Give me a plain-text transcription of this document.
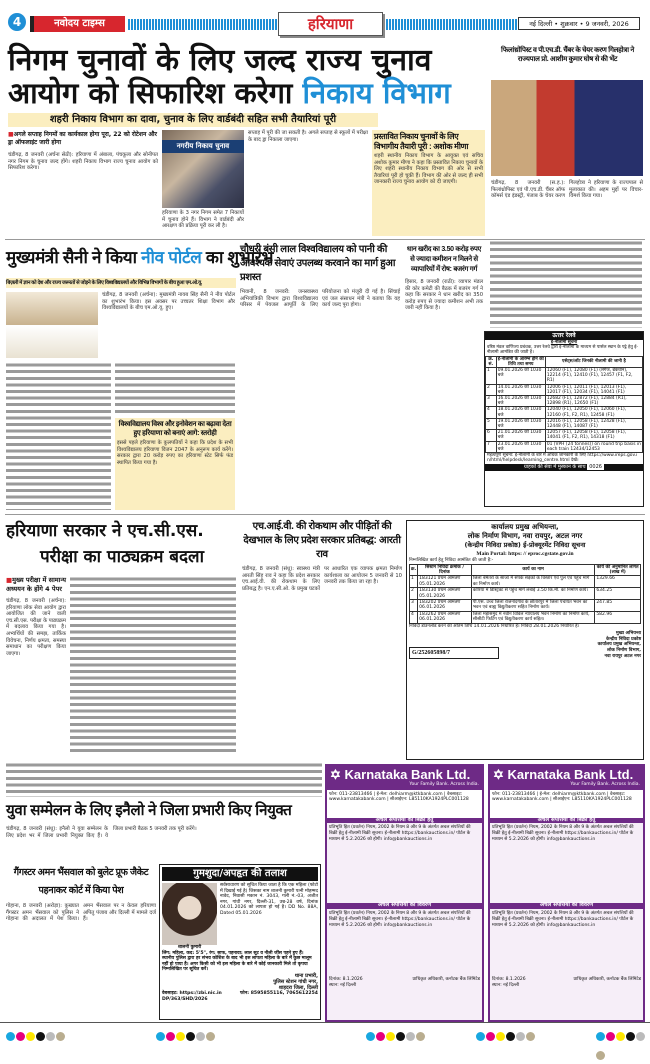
4	नवोदय टाइम्स	हरियाणा	नई दिल्ली • शुक्रवार • 9 जनवरी, 2026
निगम चुनावों के लिए जल्द राज्य चुनाव
आयोग को सिफारिश करेगा निकाय विभाग
शहरी निकाय विभाग का दावा, चुनाव के लिए वार्डबंदी सहित सभी तैयारियां पूरी
■अगले सप्ताह निगमों का कार्यकाल होगा पूरा, 22 को रोटेशन और ड्रा ऑफलाइंट जारी होगा
चंडीगढ़, 8 जनवरी (अर्चना सेठी): हरियाणा में अंबाला, पंचकूला और सोनीपत नगर निगम के चुनाव जल्द होंगे। शहरी निकाय विभाग राज्य चुनाव आयोग को सिफारिश करेगा।
नगरीय निकाय चुनाव
हरियाणा के 3 नगर निगम समेत 7 निकायों में चुनाव होने हैं। विभाग ने वार्डबंदी और आरक्षण की प्रक्रिया पूरी कर ली है।
सप्ताह में पूरी की जा सकती है। अगले सप्ताह से स्कूलों में परीक्षा के बाद ड्रा निकाला जाएगा।	प्रस्तावित निकाय चुनावों के लिए विभागीय तैयारी पूरी : अशोक मीणा
शहरी स्थानीय निकाय विभाग के आयुक्त एवं सचिव अशोक कुमार मीणा ने कहा कि प्रस्तावित निकाय चुनावों के लिए शहरी स्थानीय निकाय विभाग की ओर से सभी तैयारियां पूरी हो चुकी हैं। विभाग की ओर से जल्द ही सभी जानकारी राज्य चुनाव आयोग को दी जाएगी।
फिलांथ्रोपिस्ट व पी.एच.डी. चैंबर के चेयर करण गिलहोत्रा ने राज्यपाल प्रो. आशीम कुमार घोष से की भेंट
चंडीगढ़, 8 जनवरी (स.ह.): फिलांथ्रोपिस्ट एवं पी.एच.डी. चैंबर ऑफ कॉमर्स एंड इंडस्ट्री, पंजाब के चेयर करण गिलहोत्रा ने हरियाणा के राज्यपाल से मुलाकात की। अहम मुद्दों पर विचार-विमर्श किया गया।
मुख्यमंत्री सैनी ने किया नीव पोर्टल का शुभारंभ
बिज़ली में ज्ञान को देश और राज्य जरूरतों से जोड़ने के लिए विश्वविद्यालयों और विभिन्न विभागों के बीच हुआ एम.ओ.यू.
चंडीगढ़, 8 जनवरी (अर्चना): मुख्यमंत्री नायब सिंह सैनी ने नीव पोर्टल का शुभारंभ किया। इस अवसर पर उच्चतर शिक्षा विभाग और विश्वविद्यालयों के बीच एम.ओ.यू. हुए।
विश्वविद्यालय विश्व और इनोवेशन का बढ़ावा देता हुए हरियाणा को बनाएं आगे: स्तरोही
इससे पहले हरियाणा के कुलपतियों ने कहा कि प्रदेश के सभी विश्वविद्यालय हरियाणा विजन 2047 के अनुरूप कार्य करेंगे। सरकार द्वारा 20 करोड़ रुपए का हरियाणा स्टेट सिर्फ फंड स्थापित किया गया है।
चौधरी बंसी लाल विश्वविद्यालय को पानी की आवश्यक सेवाएं उपलब्ध करवाने का मार्ग हुआ प्रशस्त
भिवानी, 8 जनवरी: जनस्वास्थ्य अभियांत्रिकी विभाग द्वारा विश्वविद्यालय परिसर में पेयजल आपूर्ति के लिए परियोजना को मंजूरी दी गई है। सिंचाई एवं जल संसाधन मंत्री ने बताया कि यह कार्य जल्द पूरा होगा।
धान खरीद का 3.50 करोड़ रुपए से ज्यादा कमीशन न मिलने से व्यापारियों में रोष: बजरंग गर्ग
हिसार, 8 जनवरी (राठी): व्यापार मंडल की कोर कमेटी की बैठक में बजरंग गर्ग ने कहा कि सरकार ने धान खरीद का 350 करोड़ रुपए से ज्यादा कमीशन अभी तक जारी नहीं किया है।
ऊत्तर रेलवे
ई-नीलामी सूचना
वरिष्ठ मंडल वाणिज्य प्रबंधक, उत्तर रेलवे द्वारा ई-नीलामी के माध्यम से पार्सल स्थान के पट्टे हेतु ई-नीलामी आमंत्रित की जाती है।
क्र. सं.	ई-नीलामी के आरम्भ होने की तिथि तथा समय	एसेट्स/लॉट जिनकी नीलामी की जानी है
1	09.01.2026 को 1030 बजे	12060 (F1), 12080 (F1) (लगेज, ब्रेकवान), 12214 (F1), 12410 (F1), 12457 (F1, F2, R1)
2	14.01.2026 को 1030 बजे	12006 (F1), 12011 (F1), 12013 (F1), 12017 (F1), 12034 (F1), 14041 (F1)
3	16.01.2026 को 1030 बजे	12682 (F1), 12872 (F1), 12884 (R1), 12898 (R1), 12650 (F1)
4	18.01.2026 को 1030 बजे	12040 (F1), 12050 (F1), 12060 (F1), 12160 (F1, F2, R1), 12458 (F1)
5	19.01.2026 को 1030 बजे	12016 (F1), 12058 (F1), 12428 (F1), 12448 (F1), 14087 (F1)
6	21.01.2026 को 1030 बजे	12057 (F1), 12058 (F1), 12058 (F1), 14041 (F1, F2, R1), 14318 (F1)
7	23.01.2026 को 1030 बजे	01 (VPH (24 tonnes)) on round trip basis in each train 12434/12453
महत्वपूर्ण सूचना: ई-नीलामी के बारे में अधिक जानकारी के लिए https://www.ireps.gov.in/html/helpdesk/learning_centre.html देखें।
ग्राहकों की सेवा में मुस्कान के साथ 0026
हरियाणा सरकार ने एच.सी.एस.
परीक्षा का पाठ्यक्रम बदला
■मुख्य परीक्षा में सामान्य अध्ययन के होंगे 4 पेपर
चंडीगढ़, 8 जनवरी (अर्चना): हरियाणा लोक सेवा आयोग द्वारा आयोजित की जाने वाली एच.सी.एस. परीक्षा के पाठ्यक्रम में बदलाव किया गया है। अभ्यर्थियों की समझ, तार्किक विवेचना, निर्णय क्षमता, समस्या समाधान का परीक्षण किया जाएगा।
एच.आई.वी. की रोकथाम और पीड़ितों की देखभाल के लिए प्रदेश सरकार प्रतिबद्ध: आरती राव
चंडीगढ़, 8 जनवरी (संधू): स्वास्थ्य मंत्री आरती सिंह राव ने कहा कि प्रदेश सरकार एच.आई.वी. की रोकथाम के लिए प्रतिबद्ध है। एन.ए.सी.ओ. के प्रमुख घटकों पर आधारित एक व्यापक क्षमता निर्माण कार्यशाला का आयोजन 5 जनवरी से 10 जनवरी तक किया जा रहा है।
कार्यालय प्रमुख अभियन्ता,
लोक निर्माण विभाग, नवा रायपुर, अटल नगर
(केन्द्रीय निविदा प्रकोष्ठ) ई-प्रोक्यूरमेंट निविदा सूचना
Main Portal: https: // eproc.cgstate.gov.in
निम्नलिखित कार्य हेतु निविदा आमंत्रित की जाती है:-
क्र.	सिस्टम निविदा क्रमांक / दिनांक	कार्य का नाम	कार्य की अनुमानित लागत (लाख में)
1	183121 प्रथम आमंत्रण 05.01.2026	जिला बेमेतरा के साजा में संपर्क सड़कों के विस्तार एवं पुल एवं पहुंच मार्ग का निर्माण कार्य।	1329.66
2	183130 प्रथम आमंत्रण 05.01.2026	कोरिया में डिस्ट्रिक्ट से पहुंच मार्ग लंबाई 3.50 कि.मी. का निर्माण कार्य।	634.25
3	183202 प्रथम आमंत्रण 06.01.2026	पी.एस. उच्च जिला राजनांदगांव के छीतारपुर में जिला पंचायत भवन का भवन एवं बाह्य विद्युतीकरण सहित निर्माण कार्य।	247.85
4	183262 प्रथम आमंत्रण 06.01.2026	जिला महासमुंद में नवीन विविल न्यायालय भवन निर्माण का निर्माण कार्य, सीसीटी फिटिंग एवं विद्युतीकरण कार्य सहित।	582.96
निविदा डाउनलोड करने की अंतिम तिथि 14.01.2026 निर्धारित है। निविदा 28.01.2026 निर्धारित है।
G/252605898/7
मुख्य अभियन्ता
केन्द्रीय निविदा प्रकोष्ठ
कार्यालय प्रमुख अभियन्ता,
लोक निर्माण विभाग,
नवा रायपुर अटल नगर
युवा सम्मेलन के लिए इनैलो ने जिला प्रभारी किए नियुक्त
चंडीगढ़, 8 जनवरी (संधू): इनैलो ने युवा सम्मेलन के लिए प्रदेश भर में जिला प्रभारी नियुक्त किए हैं। ये जिला प्रभारी बैठक 5 जनवरी तक पूरी करेंगे।
गैंगस्टर अमन भैंसवाल को बुलेट प्रूफ जैकेट पहनाकर कोर्ट में किया पेश
गोहाना, 8 जनवरी (अरोड़ा): कुख्यात गैंगस्टर अमन भैंसवाल को पुलिस ने गोहाना की अदालत में पेश किया। अमन भैंसवाल पर न केवल हरियाणा अपितु पंजाब और दिल्ली में मामले दर्ज हैं।
गुमशुदा/अपहृत की तलाश
शालनी कुमारी
सर्वसाधारण को सूचित किया जाता है कि एक महिला (फोटो में दिखाई गई है) जिसका नाम शालनी कुमारी पत्नी मोहम्मद नावेद, निवासी मकान नं. 3043, गली नं.-03, अजीत नगर, गांधी नगर, दिल्ली-31, उम्र-28 वर्ष, दिनांक 04.01.2026 को लापता हो गई है। DD No. 88A, Dated 05.01.2026
लिंग: महिला, कद: 5'5", रंग: साफ, पहनावा: लाल सूट व नीली जींस पहने हुए हैं।
स्थानीय पुलिस द्वारा हर संभव कोशिश के बाद भी इस लापता महिला के बारे में कुछ मालूम नहीं हो पाया है। अगर किसी को भी इस महिला के बारे में कोई जानकारी मिले तो कृपया निम्नलिखित पर सूचित करें।
थाना प्रभारी,
पुलिस स्टेशन गांधी नगर,
शाहदरा जिला, दिल्ली
वेबसाइट: https://zbi.nic.in	फोन: 8595855116, 7065612254
DP/363/SHD/2026
✡ Karnataka Bank Ltd.
Your Family Bank. Across India.
फोन: 011-23813466 | ई-मेल: delhiarm@ktkbank.com | वेबसाइट: www.karnatakabank.com | सीआईएन: L85110KA1924PLC001128
अचल संपत्तियों की बिक्री हेतु
प्रतिभूति हित (प्रवर्तन) नियम, 2002 के नियम 8 और 9 के अंतर्गत अचल संपत्तियों की बिक्री हेतु ई-नीलामी बिक्री सूचना। ई-नीलामी https://bankauctions.in/ पोर्टल के माध्यम से 5.2.2026 को होगी। info@bankauctions.in
अचल संपत्तियों का विवरण
प्रतिभूति हित (प्रवर्तन) नियम, 2002 के नियम 8 और 9 के अंतर्गत अचल संपत्तियों की बिक्री हेतु ई-नीलामी बिक्री सूचना। ई-नीलामी https://bankauctions.in/ पोर्टल के माध्यम से 5.2.2026 को होगी। info@bankauctions.in
दिनांक: 8.1.2026	प्राधिकृत अधिकारी, कर्नाटक बैंक लिमिटेड
स्थान: नई दिल्ली
✡ Karnataka Bank Ltd.
Your Family Bank. Across India.
फोन: 011-23813466 | ई-मेल: delhiarm@ktkbank.com | वेबसाइट: www.karnatakabank.com | सीआईएन: L85110KA1924PLC001128
अचल संपत्तियों की बिक्री हेतु
प्रतिभूति हित (प्रवर्तन) नियम, 2002 के नियम 8 और 9 के अंतर्गत अचल संपत्तियों की बिक्री हेतु ई-नीलामी बिक्री सूचना। ई-नीलामी https://bankauctions.in/ पोर्टल के माध्यम से 5.2.2026 को होगी। info@bankauctions.in
अचल संपत्तियों का विवरण
प्रतिभूति हित (प्रवर्तन) नियम, 2002 के नियम 8 और 9 के अंतर्गत अचल संपत्तियों की बिक्री हेतु ई-नीलामी बिक्री सूचना। ई-नीलामी https://bankauctions.in/ पोर्टल के माध्यम से 5.2.2026 को होगी। info@bankauctions.in
दिनांक: 8.1.2026	प्राधिकृत अधिकारी, कर्नाटक बैंक लिमिटेड
स्थान: नई दिल्ली
